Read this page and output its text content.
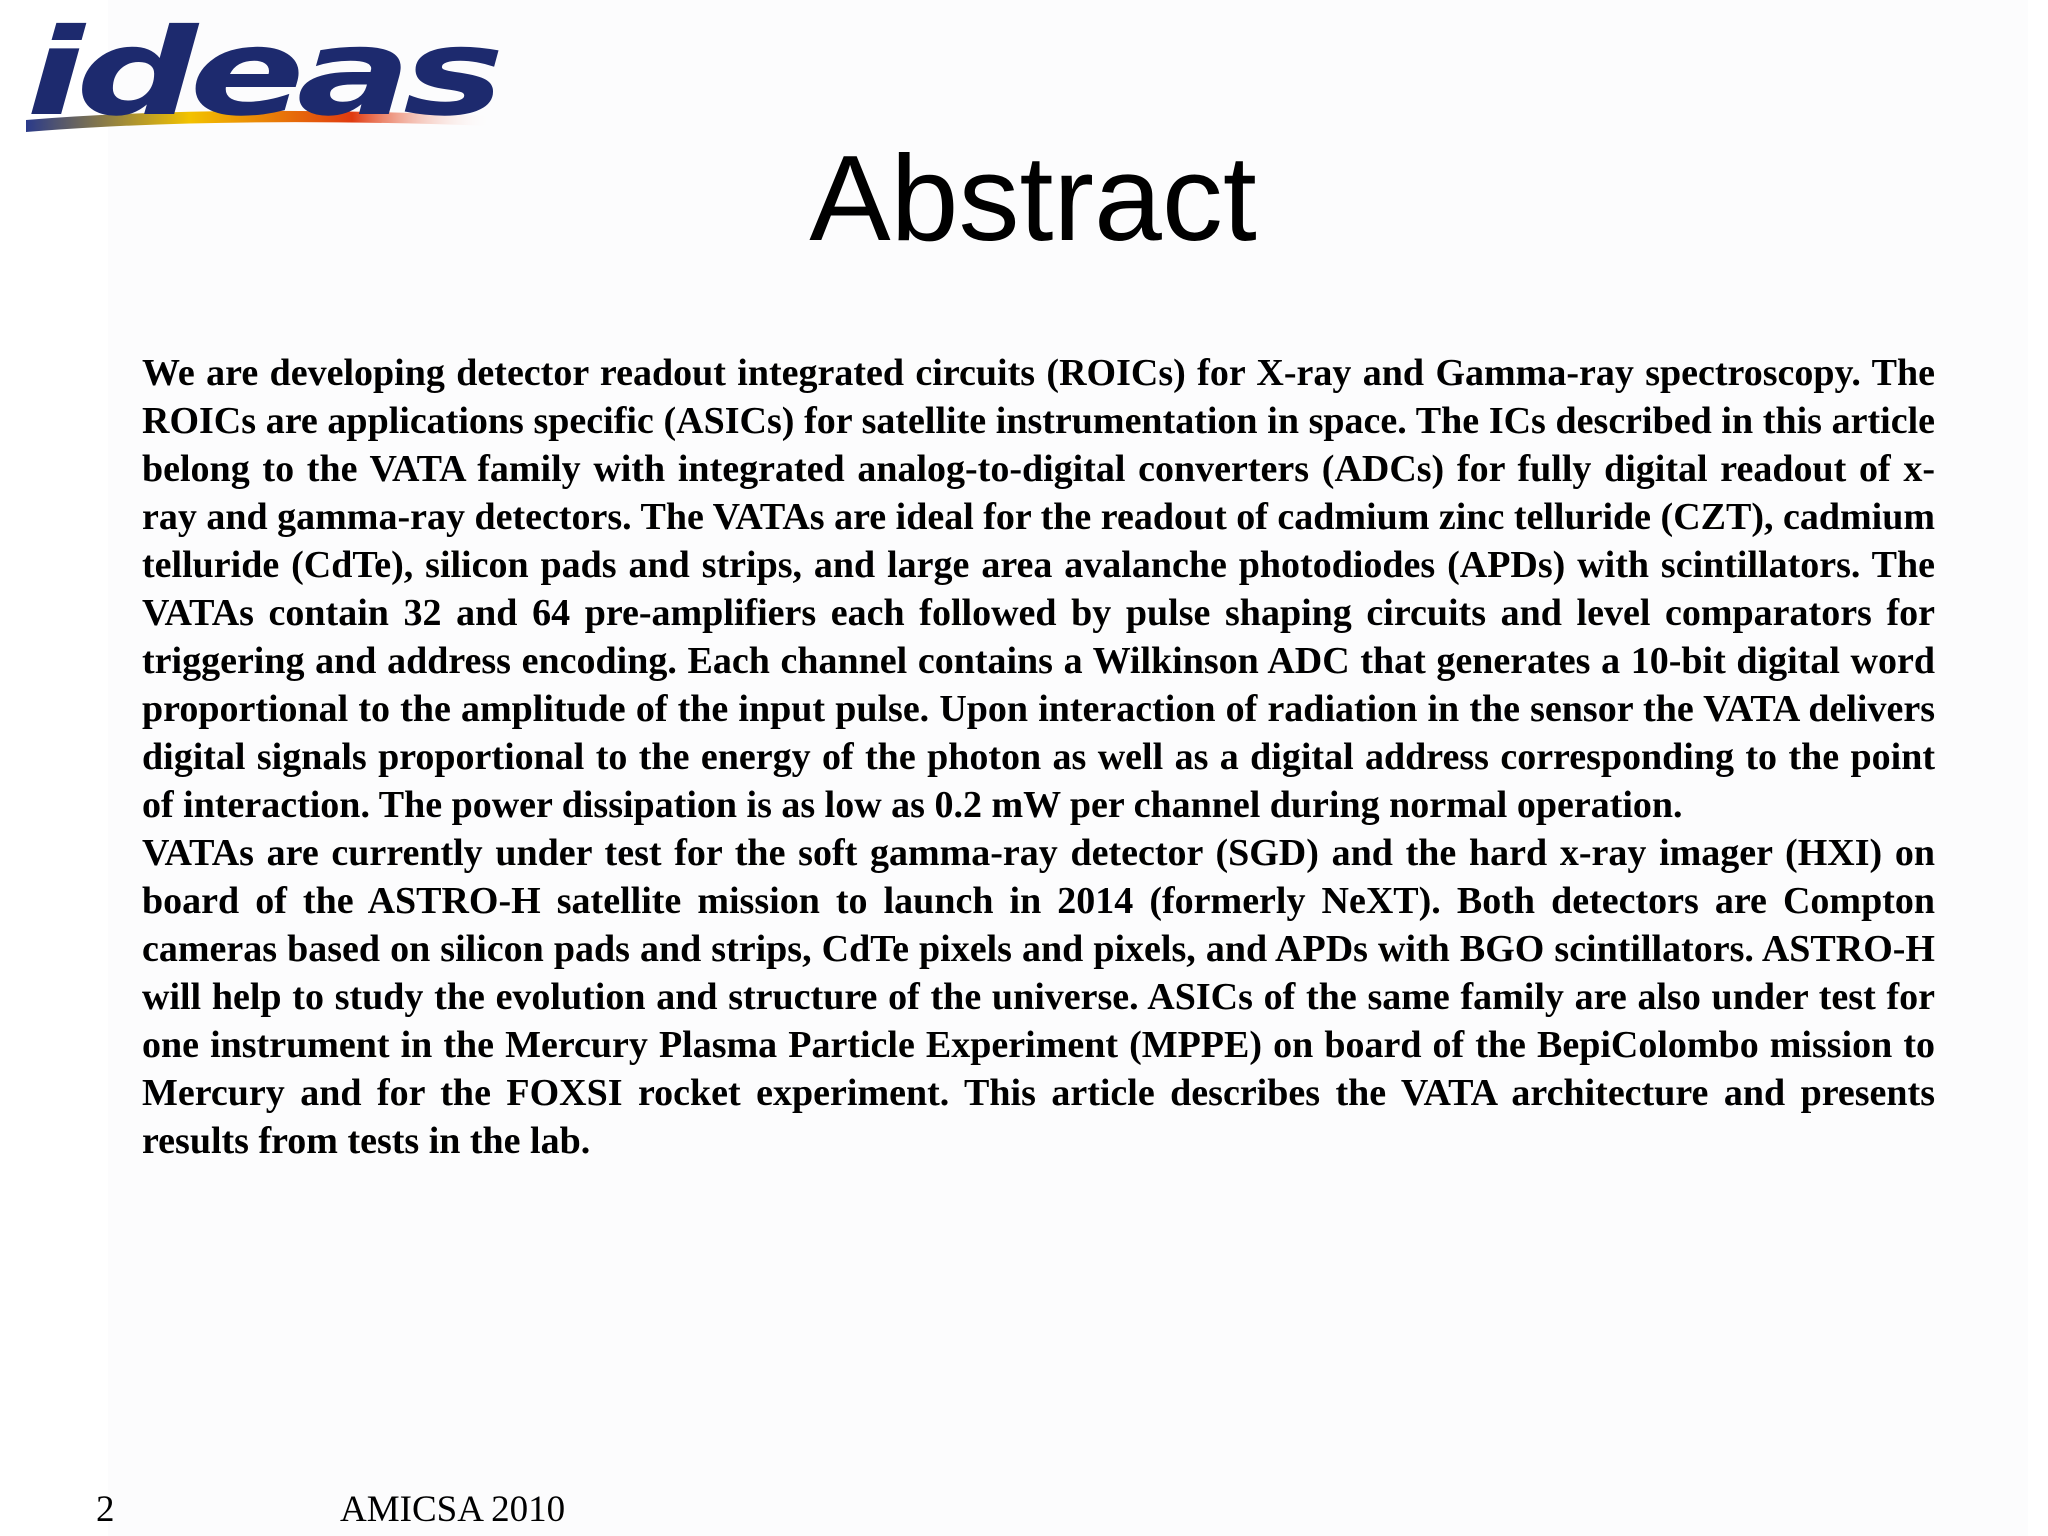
ideas
Abstract

We are developing detector readout integrated circuits (ROICs) for X-ray and Gamma-ray spectroscopy. The ROICs are applications specific (ASICs) for satellite instrumentation in space. The ICs described in this article belong to the VATA family with integrated analog-to-digital converters (ADCs) for fully digital readout of x-ray and gamma-ray detectors. The VATAs are ideal for the readout of cadmium zinc telluride (CZT), cadmium telluride (CdTe), silicon pads and strips, and large area avalanche photodiodes (APDs) with scintillators. The VATAs contain 32 and 64 pre-amplifiers each followed by pulse shaping circuits and level comparators for triggering and address encoding. Each channel contains a Wilkinson ADC that generates a 10-bit digital word proportional to the amplitude of the input pulse. Upon interaction of radiation in the sensor the VATA delivers digital signals proportional to the energy of the photon as well as a digital address corresponding to the point of interaction. The power dissipation is as low as 0.2 mW per channel during normal operation.

VATAs are currently under test for the soft gamma-ray detector (SGD) and the hard x-ray imager (HXI) on board of the ASTRO-H satellite mission to launch in 2014 (formerly NeXT). Both detectors are Compton cameras based on silicon pads and strips, CdTe pixels and pixels, and APDs with BGO scintillators. ASTRO-H will help to study the evolution and structure of the universe. ASICs of the same family are also under test for one instrument in the Mercury Plasma Particle Experiment (MPPE) on board of the BepiColombo mission to Mercury and for the FOXSI rocket experiment. This article describes the VATA architecture and presents results from tests in the lab.

2	AMICSA 2010
